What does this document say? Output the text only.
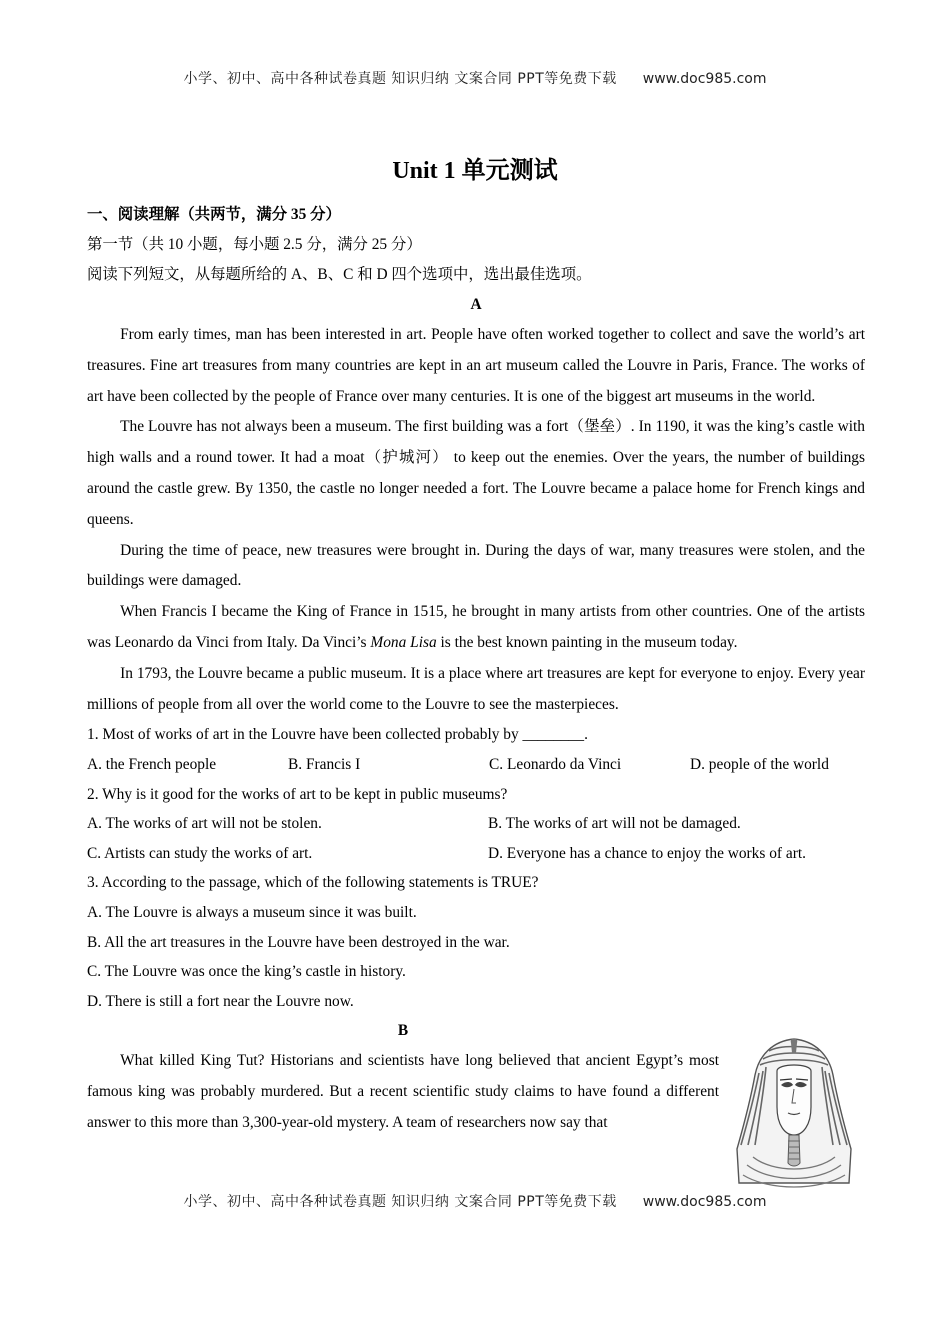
小学、初中、高中各种试卷真题 知识归纳 文案合同 PPT等免费下载 www.doc985.com
Unit 1 单元测试

一、阅读理解（共两节，满分 35 分）

第一节（共 10 小题，每小题 2.5 分，满分 25 分）

阅读下列短文，从每题所给的 A、B、C 和 D 四个选项中，选出最佳选项。

A

From early times, man has been interested in art. People have often worked together to collect and save the world’s art treasures. Fine art treasures from many countries are kept in an art museum called the Louvre in Paris, France. The works of art have been collected by the people of France over many centuries. It is one of the biggest art museums in the world.

The Louvre has not always been a museum. The first building was a fort（堡垒）. In 1190, it was the king’s castle with high walls and a round tower. It had a moat（护城河） to keep out the enemies. Over the years, the number of buildings around the castle grew. By 1350, the castle no longer needed a fort. The Louvre became a palace home for French kings and queens.

During the time of peace, new treasures were brought in. During the days of war, many treasures were stolen, and the buildings were damaged.

When Francis I became the King of France in 1515, he brought in many artists from other countries. One of the artists was Leonardo da Vinci from Italy. Da Vinci’s Mona Lisa is the best known painting in the museum today.

In 1793, the Louvre became a public museum. It is a place where art treasures are kept for everyone to enjoy. Every year millions of people from all over the world come to the Louvre to see the masterpieces.

1. Most of works of art in the Louvre have been collected probably by ________.

A. the French people	B. Francis I	C. Leonardo da Vinci	D. people of the world

2. Why is it good for the works of art to be kept in public museums?

A. The works of art will not be stolen.	B. The works of art will not be damaged.
C. Artists can study the works of art.	D. Everyone has a chance to enjoy the works of art.

3. According to the passage, which of the following statements is TRUE?

A. The Louvre is always a museum since it was built.

B. All the art treasures in the Louvre have been destroyed in the war.

C. The Louvre was once the king’s castle in history.

D. There is still a fort near the Louvre now.

B

What killed King Tut? Historians and scientists have long believed that ancient Egypt’s most famous king was probably murdered. But a recent scientific study claims to have found a different answer to this more than 3,300-year-old mystery. A team of researchers now say that

小学、初中、高中各种试卷真题 知识归纳 文案合同 PPT等免费下载 www.doc985.com
